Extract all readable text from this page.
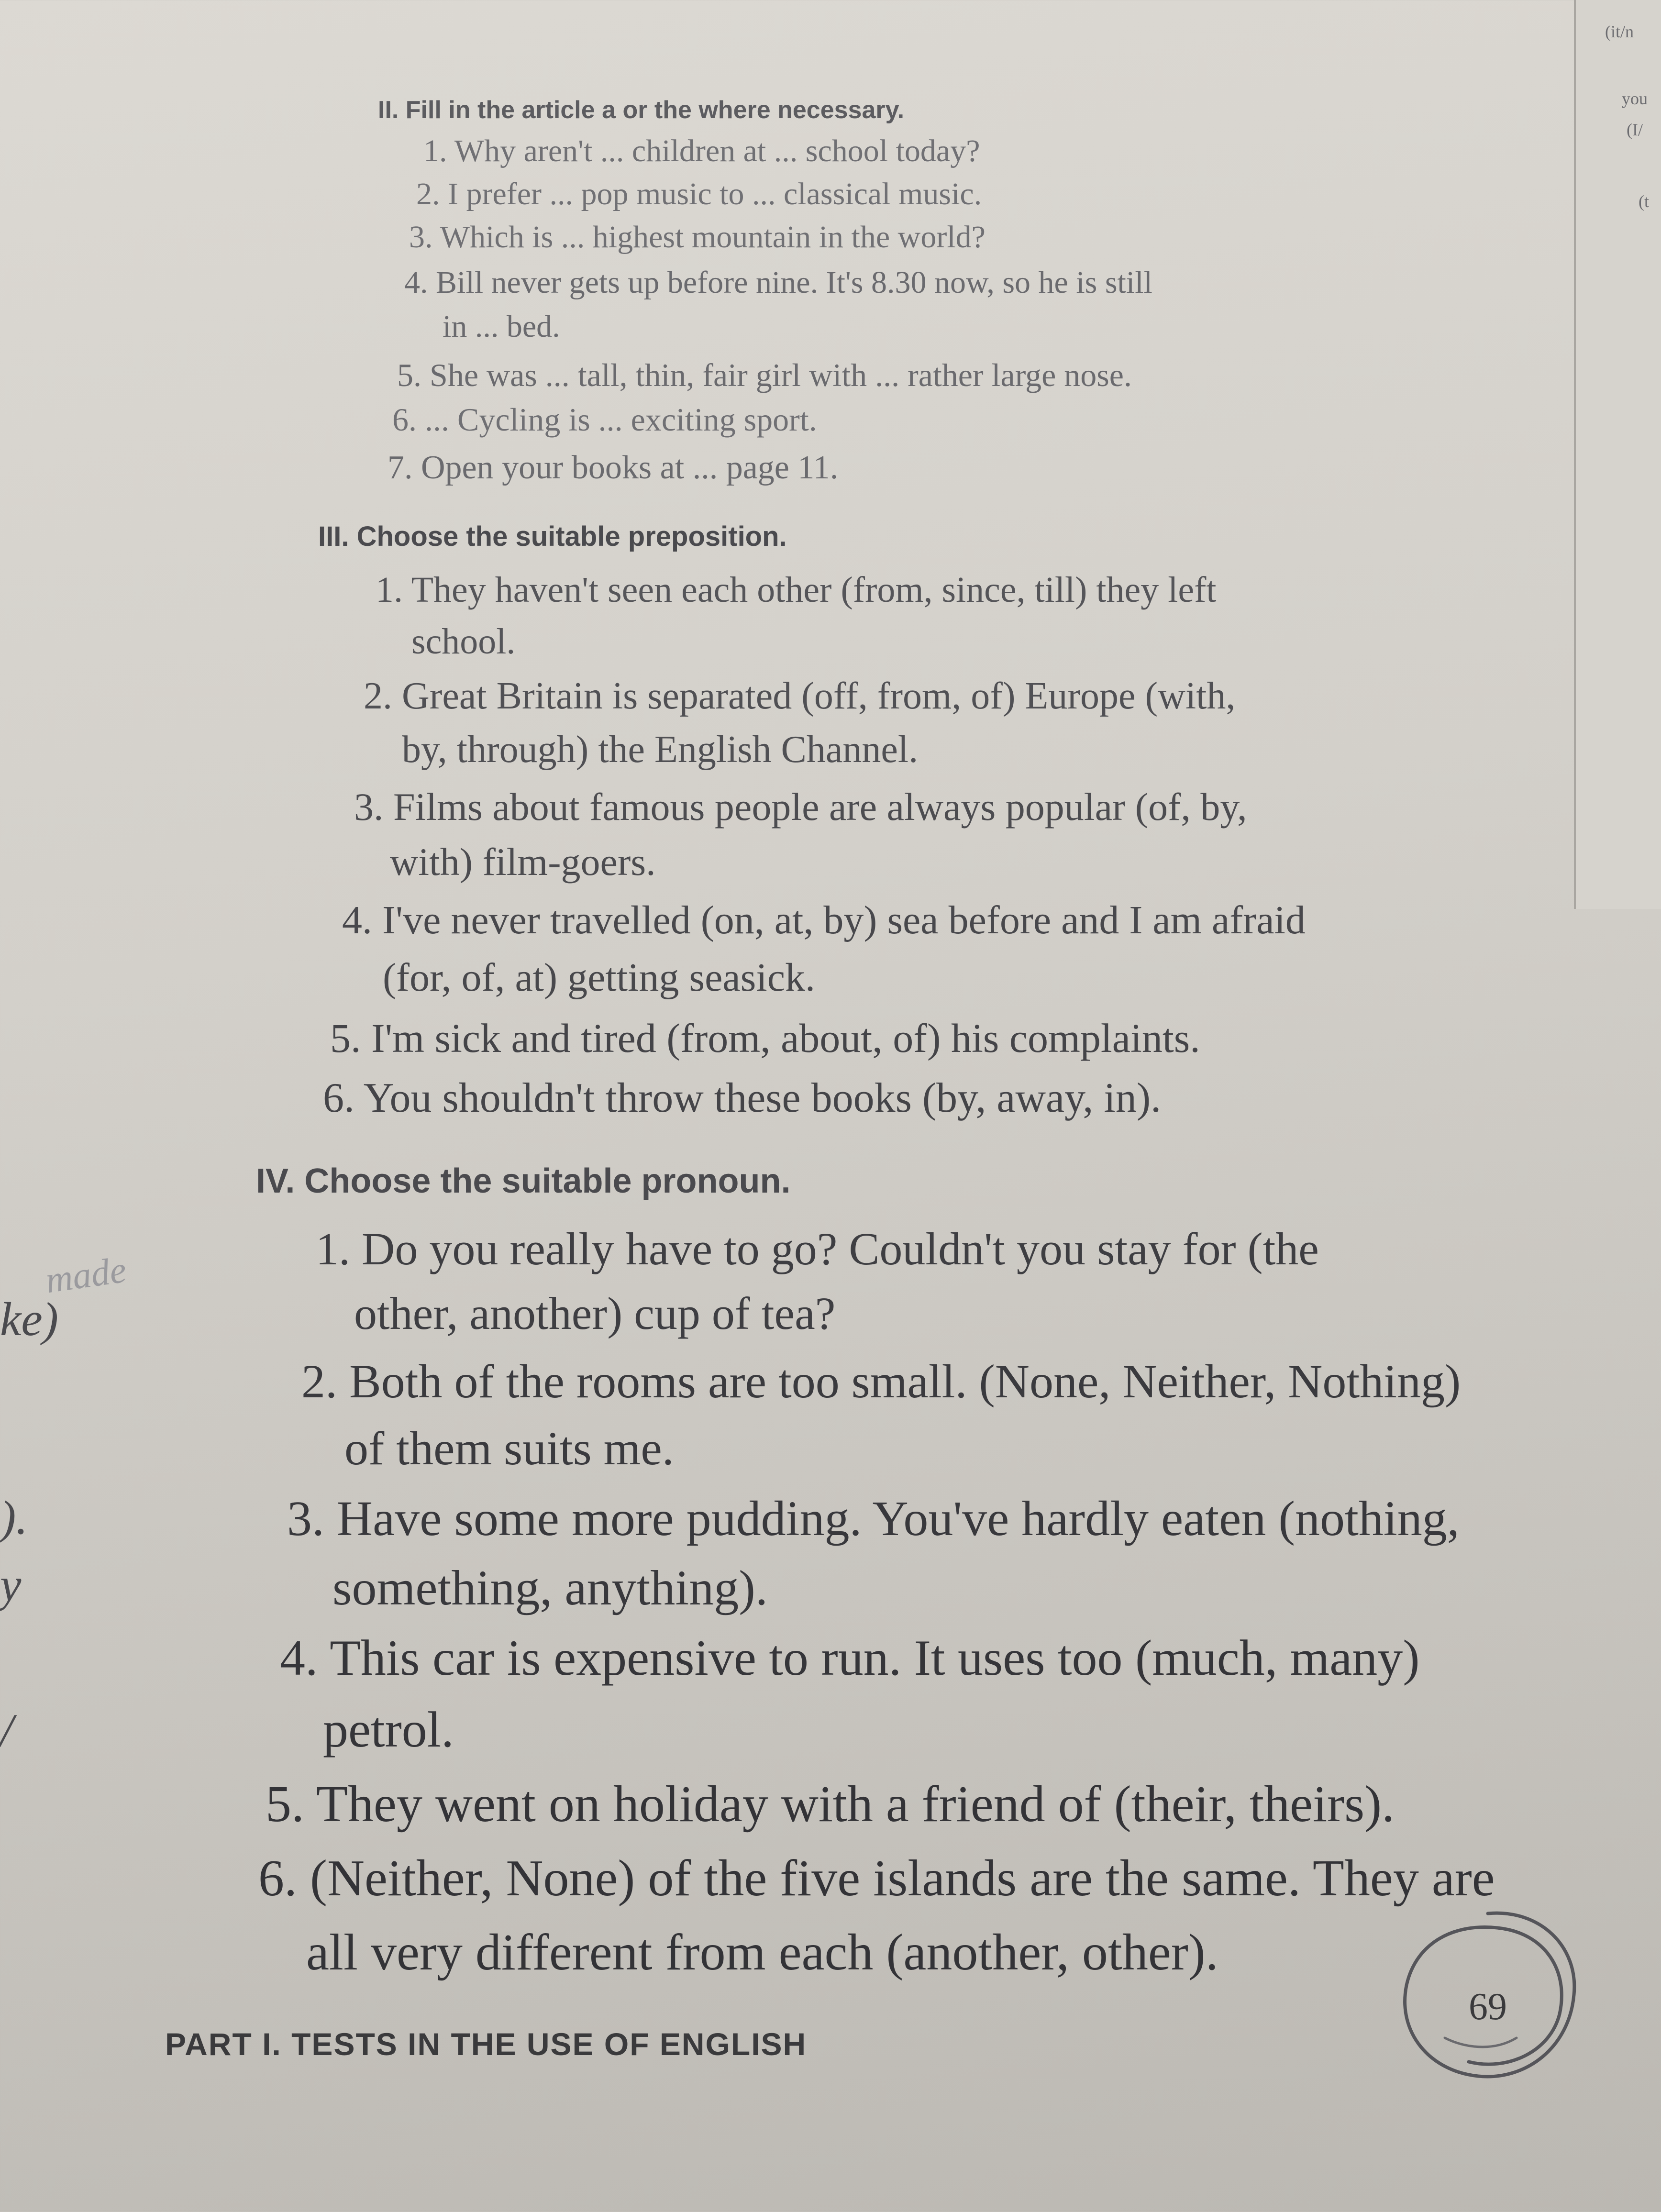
(it/n
you
(I/
(t
II. Fill in the article a or the where necessary.
1. Why aren't ... children at ... school today?
2. I prefer ... pop music to ... classical music.
3. Which is ... highest mountain in the world?
4. Bill never gets up before nine. It's 8.30 now, so he is still
in ... bed.
5. She was ... tall, thin, fair girl with ... rather large nose.
6. ... Cycling is ... exciting sport.
7. Open your books at ... page 11.
III. Choose the suitable preposition.
1. They haven't seen each other (from, since, till) they left
school.
2. Great Britain is separated (off, from, of) Europe (with,
by, through) the English Channel.
3. Films about famous people are always popular (of, by,
with) film-goers.
4. I've never travelled (on, at, by) sea before and I am afraid
(for, of, at) getting seasick.
5. I'm sick and tired (from, about, of) his complaints.
6. You shouldn't throw these books (by, away, in).
IV. Choose the suitable pronoun.
1. Do you really have to go? Couldn't you stay for (the
other, another) cup of tea?
2. Both of the rooms are too small. (None, Neither, Nothing)
of them suits me.
3. Have some more pudding. You've hardly eaten (nothing,
something, anything).
4. This car is expensive to run. It uses too (much, many)
petrol.
5. They went on holiday with a friend of (their, theirs).
6. (Neither, None) of the five islands are the same. They are
all very different from each (another, other).
made
ke)
).
y
/
PART I. TESTS IN THE USE OF ENGLISH
69
